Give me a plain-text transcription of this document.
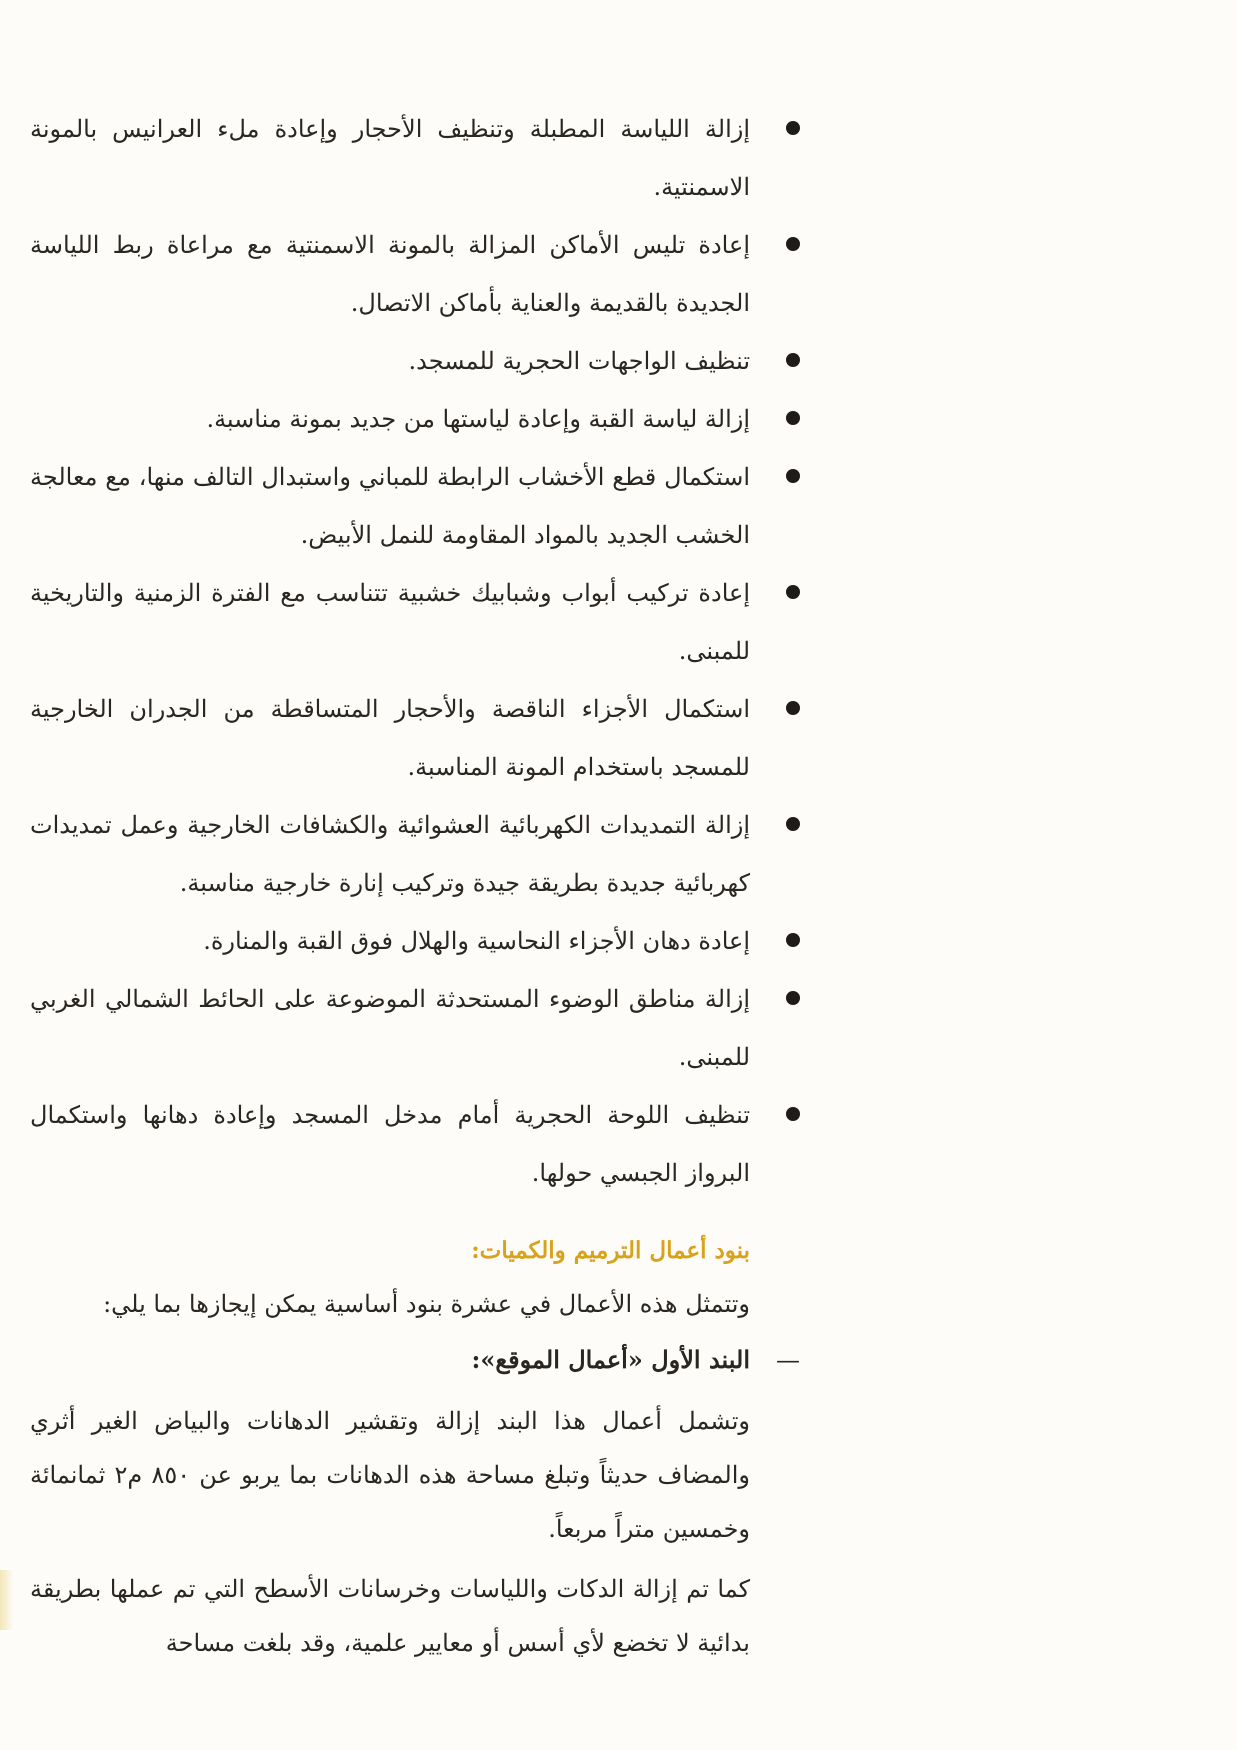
إزالة اللياسة المطبلة وتنظيف الأحجار وإعادة ملء العرانيس بالمونة الاسمنتية.
إعادة تليس الأماكن المزالة بالمونة الاسمنتية مع مراعاة ربط اللياسة الجديدة بالقديمة والعناية بأماكن الاتصال.
تنظيف الواجهات الحجرية للمسجد.
إزالة لياسة القبة وإعادة لياستها من جديد بمونة مناسبة.
استكمال قطع الأخشاب الرابطة للمباني واستبدال التالف منها، مع معالجة الخشب الجديد بالمواد المقاومة للنمل الأبيض.
إعادة تركيب أبواب وشبابيك خشبية تتناسب مع الفترة الزمنية والتاريخية للمبنى.
استكمال الأجزاء الناقصة والأحجار المتساقطة من الجدران الخارجية للمسجد باستخدام المونة المناسبة.
إزالة التمديدات الكهربائية العشوائية والكشافات الخارجية وعمل تمديدات كهربائية جديدة بطريقة جيدة وتركيب إنارة خارجية مناسبة.
إعادة دهان الأجزاء النحاسية والهلال فوق القبة والمنارة.
إزالة مناطق الوضوء المستحدثة الموضوعة على الحائط الشمالي الغربي للمبنى.
تنظيف اللوحة الحجرية أمام مدخل المسجد وإعادة دهانها واستكمال البرواز الجبسي حولها.
بنود أعمال الترميم والكميات:
وتتمثل هذه الأعمال في عشرة بنود أساسية يمكن إيجازها بما يلي:
—
البند الأول «أعمال الموقع»:
وتشمل أعمال هذا البند إزالة وتقشير الدهانات والبياض الغير أثري والمضاف حديثاً وتبلغ مساحة هذه الدهانات بما يربو عن ٨٥٠ م٢ ثمانمائة وخمسين متراً مربعاً.
كما تم إزالة الدكات واللياسات وخرسانات الأسطح التي تم عملها بطريقة بدائية لا تخضع لأي أسس أو معايير علمية، وقد بلغت مساحة
